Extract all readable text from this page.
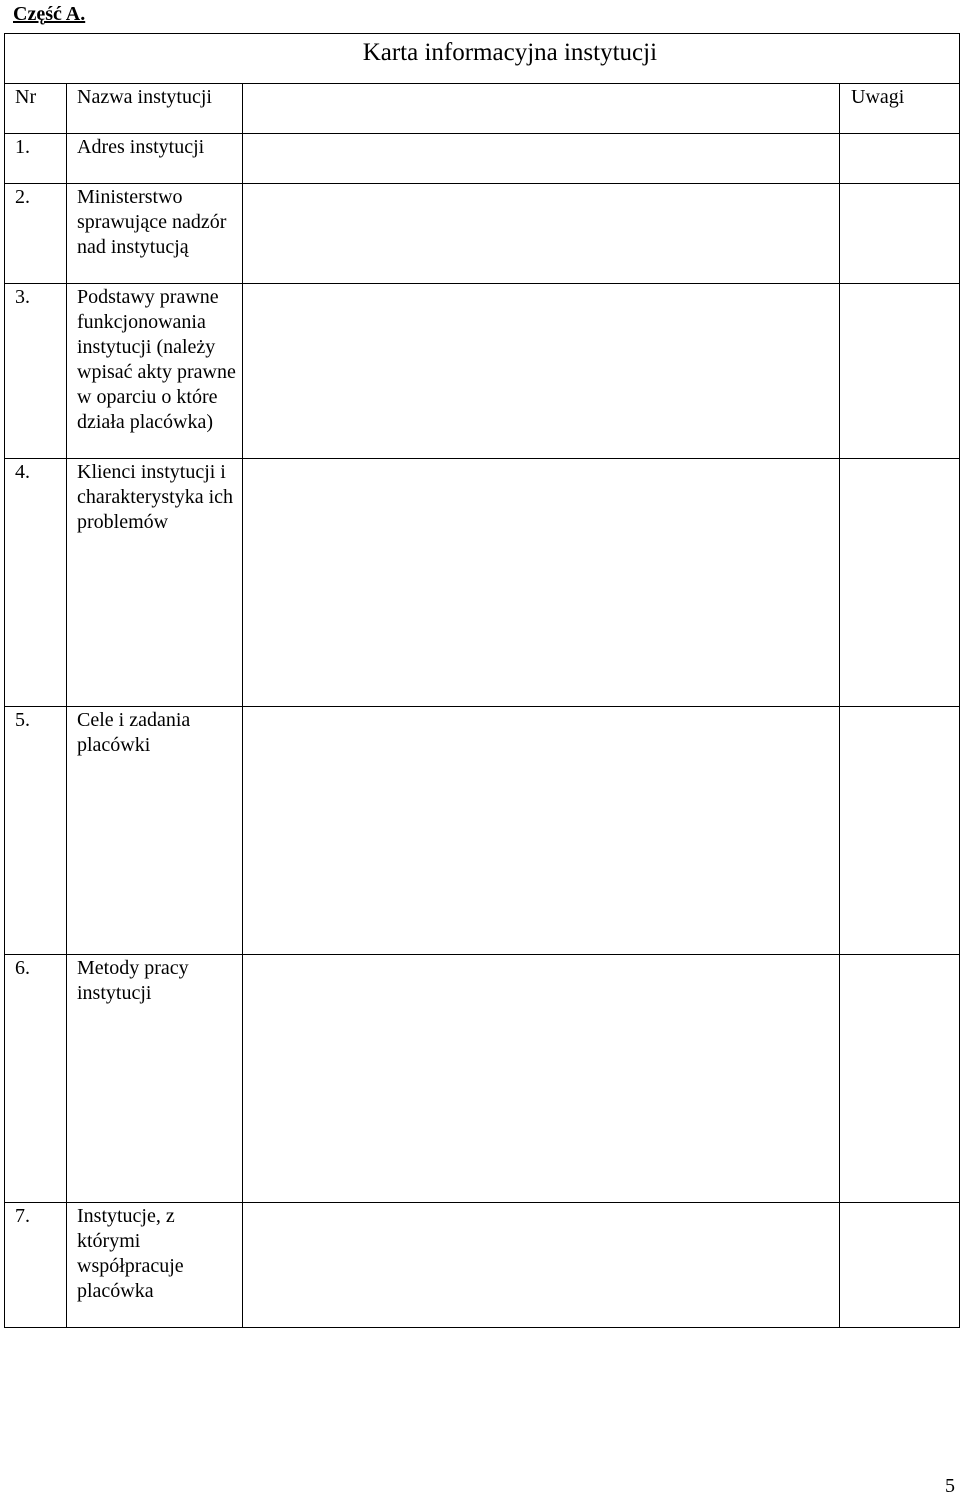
Część A.

Karta informacyjna instytucji			
Nr	Nazwa instytucji		Uwagi
1.	Adres instytucji		
2.	Ministerstwo sprawujące nadzór nad instytucją		
3.	Podstawy prawne funkcjonowania instytucji (należy wpisać akty prawne w oparciu o które działa placówka)		
4.	Klienci instytucji i charakterystyka ich problemów		
5.	Cele i zadania placówki		
6.	Metody pracy instytucji		
7.	Instytucje, z którymi współpracuje placówka		

5
